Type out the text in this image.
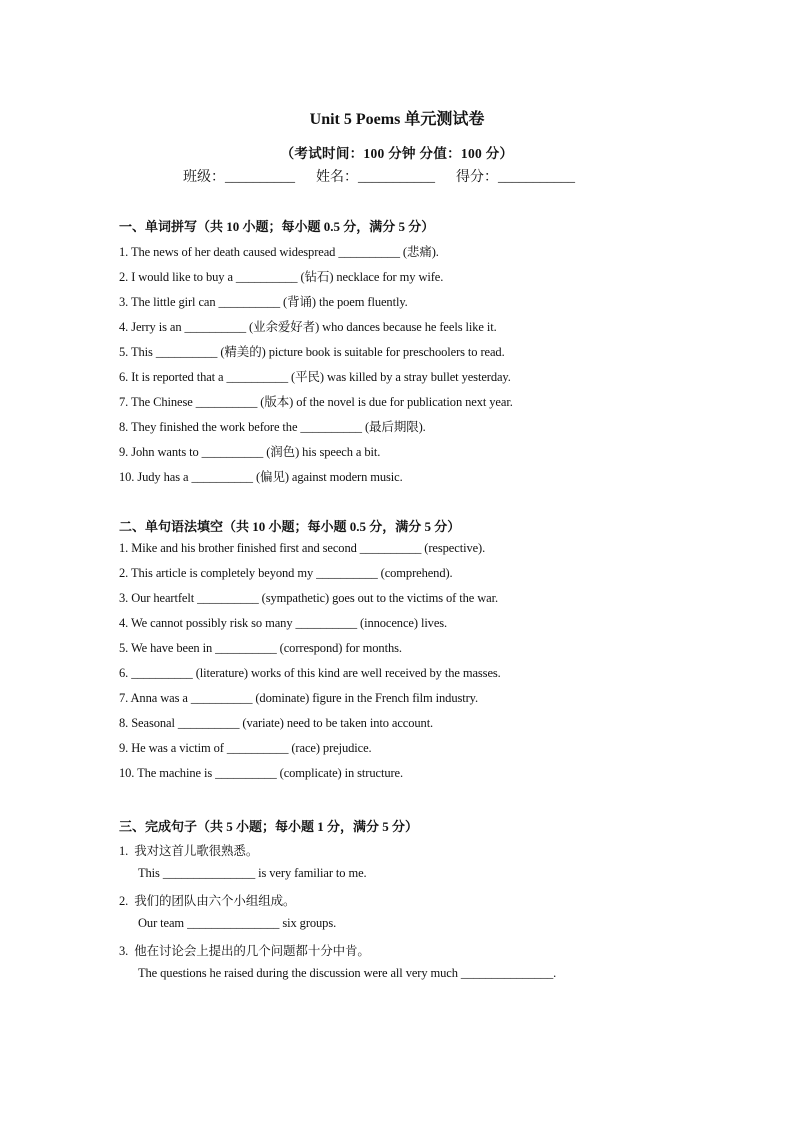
Unit 5 Poems 单元测试卷
（考试时间：100 分钟 分值：100 分）
班级：__________ 姓名：___________ 得分：___________
一、单词拼写（共 10 小题；每小题 0.5 分，满分 5 分）
1. The news of her death caused widespread __________ (悲痛).
2. I would like to buy a __________ (钻石) necklace for my wife.
3. The little girl can __________ (背诵) the poem fluently.
4. Jerry is an __________ (业余爱好者) who dances because he feels like it.
5. This __________ (精美的) picture book is suitable for preschoolers to read.
6. It is reported that a __________ (平民) was killed by a stray bullet yesterday.
7. The Chinese __________ (版本) of the novel is due for publication next year.
8. They finished the work before the __________ (最后期限).
9. John wants to __________ (润色) his speech a bit.
10. Judy has a __________ (偏见) against modern music.
二、单句语法填空（共 10 小题；每小题 0.5 分，满分 5 分）
1. Mike and his brother finished first and second __________ (respective).
2. This article is completely beyond my __________ (comprehend).
3. Our heartfelt __________ (sympathetic) goes out to the victims of the war.
4. We cannot possibly risk so many __________ (innocence) lives.
5. We have been in __________ (correspond) for months.
6. __________ (literature) works of this kind are well received by the masses.
7. Anna was a __________ (dominate) figure in the French film industry.
8. Seasonal __________ (variate) need to be taken into account.
9. He was a victim of __________ (race) prejudice.
10. The machine is __________ (complicate) in structure.
三、完成句子（共 5 小题；每小题 1 分，满分 5 分）
1.  我对这首儿歌很熟悉。
This _______________ is very familiar to me.
2.  我们的团队由六个小组组成。
Our team _______________ six groups.
3.  他在讨论会上提出的几个问题都十分中肯。
The questions he raised during the discussion were all very much _______________.
